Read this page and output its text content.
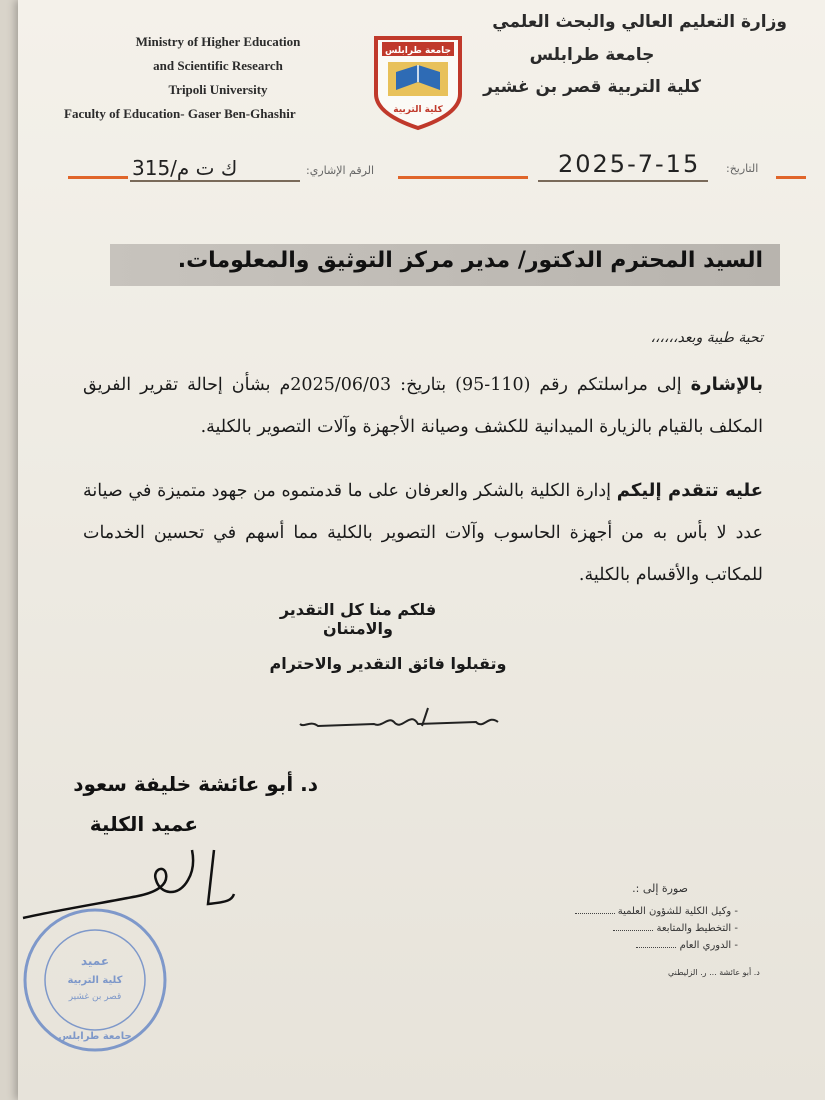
Ministry of Higher Education
and Scientific Research
Tripoli University
Faculty of Education- Gaser Ben-Ghashir
جامعة طرابلس
كلية التربية
وزارة التعليم العالي والبحث العلمي
جامعة طرابلس
كلية التربية قصر بن غشير
315/ك ت م	الرقم الإشاري:	2025-7-15 التاريخ:
السيد المحترم الدكتور/ مدير مركز التوثيق والمعلومات.
تحية طيبة وبعد،،،،،،
بالإشارة إلى مراسلتكم رقم (110-95) بتاريخ: 2025/06/03م بشأن إحالة تقرير الفريق المكلف بالقيام بالزيارة الميدانية للكشف وصيانة الأجهزة وآلات التصوير بالكلية.
عليه تتقدم إليكم إدارة الكلية بالشكر والعرفان على ما قدمتموه من جهود متميزة في صيانة عدد لا بأس به من أجهزة الحاسوب وآلات التصوير بالكلية مما أسهم في تحسين الخدمات للمكاتب والأقسام بالكلية.
فلكم منا كل التقدير والامتنان
وتقبلوا فائق التقدير والاحترام
د. أبو عائشة خليفة سعود
عميد الكلية
عميد
كلية التربية
قصر بن غشير
جامعة طرابلس
صورة إلى :.
- وكيل الكلية للشؤون العلمية
- التخطيط والمتابعة
- الدوري العام
د. أبو عائشة ... ر. الزليطني
